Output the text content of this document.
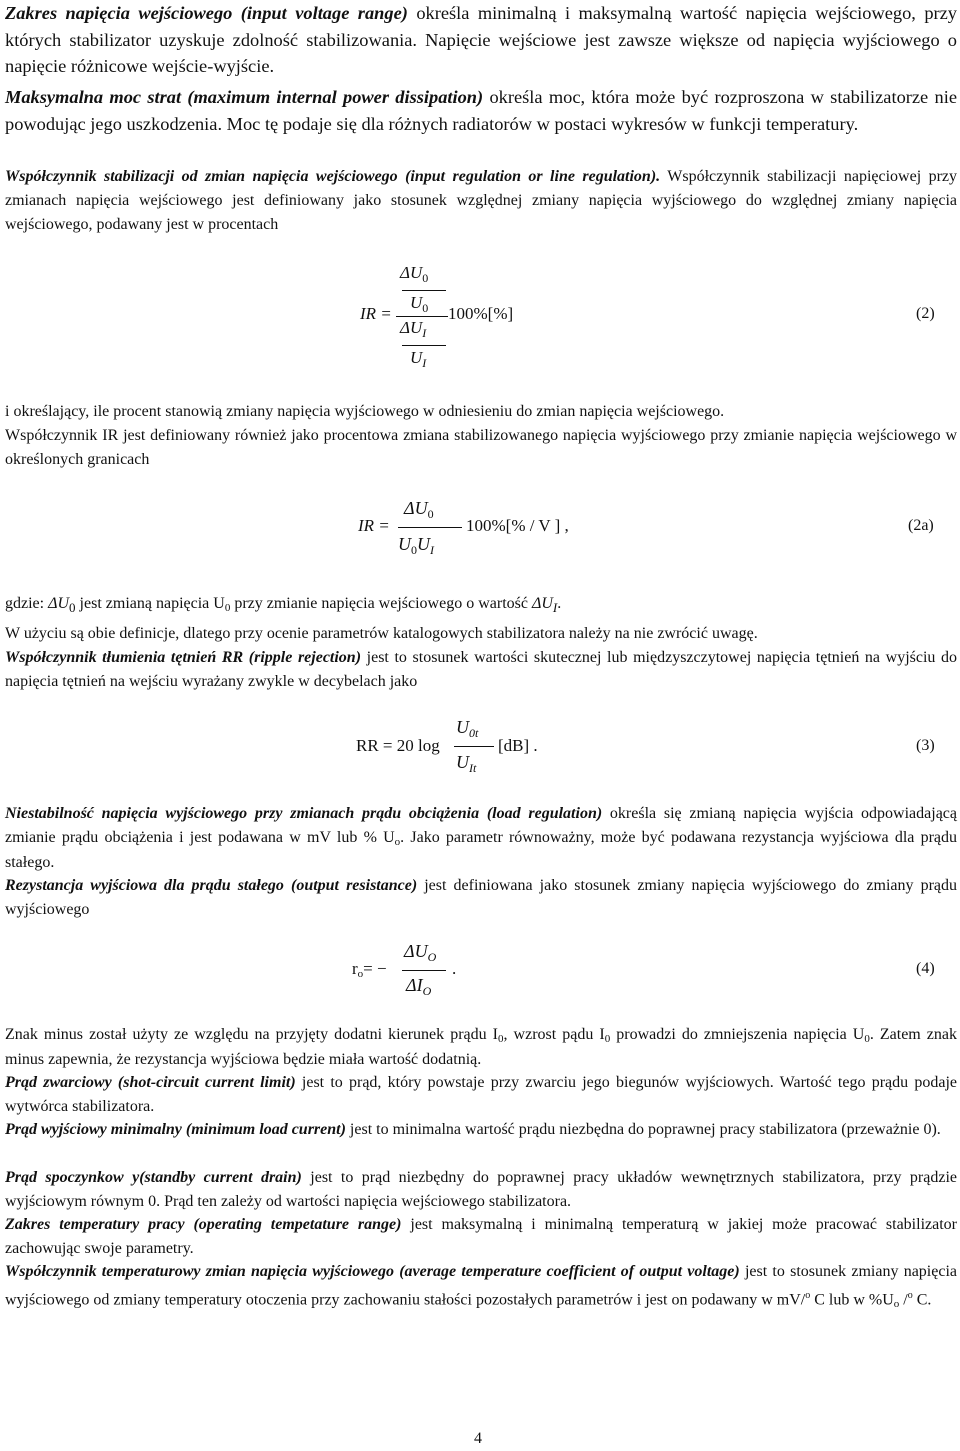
Zakres napięcia wejściowego (input voltage range) określa minimalną i maksymalną wartość napięcia wejściowego, przy których stabilizator uzyskuje zdolność stabilizowania. Napięcie wejściowe jest zawsze większe od napięcia wyjściowego o napięcie różnicowe wejście-wyjście.

Maksymalna moc strat (maximum internal power dissipation) określa moc, która może być rozproszona w stabilizatorze nie powodując jego uszkodzenia. Moc tę podaje się dla różnych radiatorów w postaci wykresów w funkcji temperatury.

Współczynnik stabilizacji od zmian napięcia wejściowego (input regulation or line regulation). Współczynnik stabilizacji napięciowej przy zmianach napięcia wejściowego jest definiowany jako stosunek względnej zmiany napięcia wyjściowego do względnej zmiany napięcia wejściowego, podawany jest w procentach

$\Delta U_0$
$U_0$
IR =	100%[%]
$\Delta U_I$
$U_I$
(2)

i określający, ile procent stanowią zmiany napięcia wyjściowego w odniesieniu do zmian napięcia wejściowego.

Współczynnik IR jest definiowany również jako procentowa zmiana stabilizowanego napięcia wyjściowego przy zmianie napięcia wejściowego w określonych granicach

$\Delta U_0$
IR =	100%[% / V ] ,
$U_0U_I$
(2a)

gdzie: $\Delta U_0$ jest zmianą napięcia U0 przy zmianie napięcia wejściowego o wartość $\Delta U_I$.

W użyciu są obie definicje, dlatego przy ocenie parametrów katalogowych stabilizatora należy na nie zwrócić uwagę.

Współczynnik tłumienia tętnień RR (ripple rejection) jest to stosunek wartości skutecznej lub międzyszczytowej napięcia tętnień na wyjściu do napięcia tętnień na wejściu wyrażany zwykle w decybelach jako

$U_{0t}$
RR = 20 log	[dB] .
$U_{It}$
(3)

Niestabilność napięcia wyjściowego przy zmianach prądu obciążenia (load regulation) określa się zmianą napięcia wyjścia odpowiadającą zmianie prądu obciążenia i jest podawana w mV lub % Uo. Jako parametr równoważny, może być podawana rezystancja wyjściowa dla prądu stałego.

Rezystancja wyjściowa dla prądu stałego (output resistance) jest definiowana jako stosunek zmiany napięcia wyjściowego do zmiany prądu wyjściowego

$\Delta U_O$
ro= −	.
$\Delta I_O$
(4)

Znak minus został użyty ze względu na przyjęty dodatni kierunek prądu I0, wzrost pądu I0 prowadzi do zmniejszenia napięcia U0. Zatem znak minus zapewnia, że rezystancja wyjściowa będzie miała wartość dodatnią.

Prąd zwarciowy (shot-circuit current limit) jest to prąd, który powstaje przy zwarciu jego biegunów wyjściowych. Wartość tego prądu podaje wytwórca stabilizatora.

Prąd wyjściowy minimalny (minimum load current) jest to minimalna wartość prądu niezbędna do poprawnej pracy stabilizatora (przeważnie 0).

Prąd spoczynkow y(standby current drain) jest to prąd niezbędny do poprawnej pracy układów wewnętrznych stabilizatora, przy prądzie wyjściowym równym 0. Prąd ten zależy od wartości napięcia wejściowego stabilizatora.

Zakres temperatury pracy (operating tempetature range) jest maksymalną i minimalną temperaturą w jakiej może pracować stabilizator zachowując swoje parametry.

Współczynnik temperaturowy zmian napięcia wyjściowego (average temperature coefficient of output voltage) jest to stosunek zmiany napięcia wyjściowego od zmiany temperatury otoczenia przy zachowaniu stałości pozostałych parametrów i jest on podawany w mV/$^o$ C lub w %Uo /$^o$ C.

4
